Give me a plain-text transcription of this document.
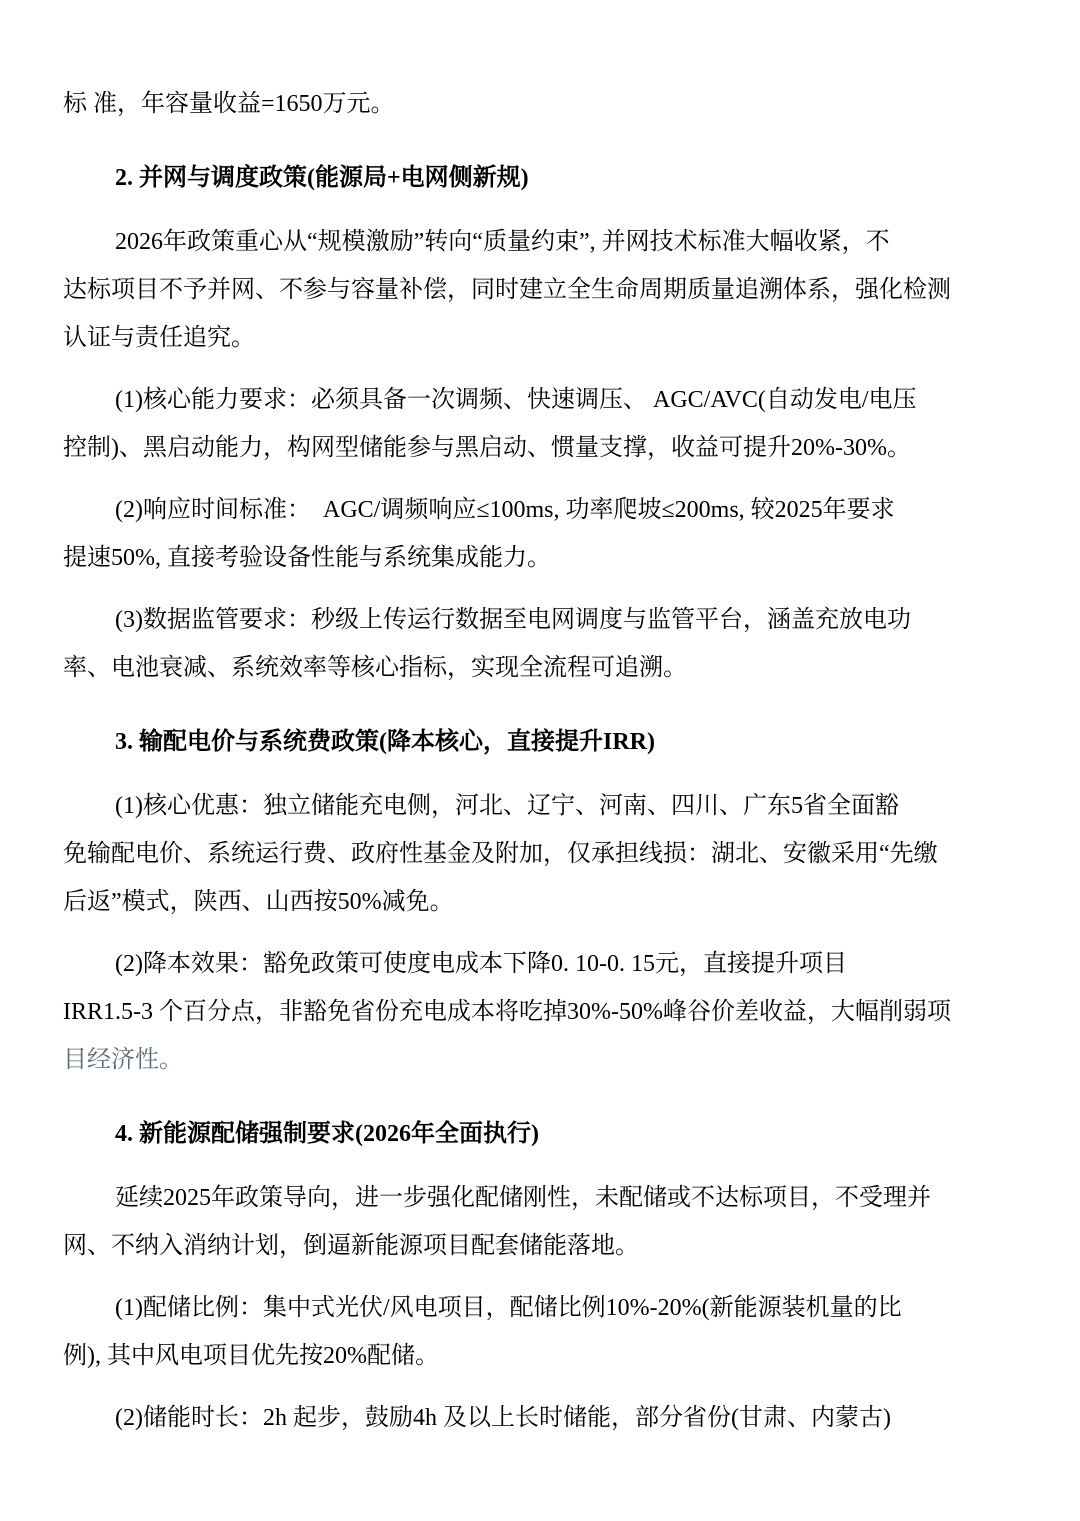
标 准，年容量收益=1650万元。
2. 并网与调度政策(能源局+电网侧新规)
2026年政策重心从“规模激励”转向“质量约束”, 并网技术标准大幅收紧，不
达标项目不予并网、不参与容量补偿，同时建立全生命周期质量追溯体系，强化检测
认证与责任追究。
(1)核心能力要求：必须具备一次调频、快速调压、 AGC/AVC(自动发电/电压
控制)、黑启动能力，构网型储能参与黑启动、惯量支撑，收益可提升20%-30%。
(2)响应时间标准：  AGC/调频响应≤100ms, 功率爬坡≤200ms, 较2025年要求
提速50%, 直接考验设备性能与系统集成能力。
(3)数据监管要求：秒级上传运行数据至电网调度与监管平台，涵盖充放电功
率、电池衰减、系统效率等核心指标，实现全流程可追溯。
3. 输配电价与系统费政策(降本核心，直接提升IRR)
(1)核心优惠：独立储能充电侧，河北、辽宁、河南、四川、广东5省全面豁
免输配电价、系统运行费、政府性基金及附加，仅承担线损：湖北、安徽采用“先缴
后返”模式，陕西、山西按50%减免。
(2)降本效果：豁免政策可使度电成本下降0. 10-0. 15元，直接提升项目
IRR1.5-3 个百分点，非豁免省份充电成本将吃掉30%-50%峰谷价差收益，大幅削弱项
目经济性。
4. 新能源配储强制要求(2026年全面执行)
延续2025年政策导向，进一步强化配储刚性，未配储或不达标项目，不受理并
网、不纳入消纳计划，倒逼新能源项目配套储能落地。
(1)配储比例：集中式光伏/风电项目，配储比例10%-20%(新能源装机量的比
例), 其中风电项目优先按20%配储。
(2)储能时长：2h 起步，鼓励4h 及以上长时储能，部分省份(甘肃、内蒙古)
